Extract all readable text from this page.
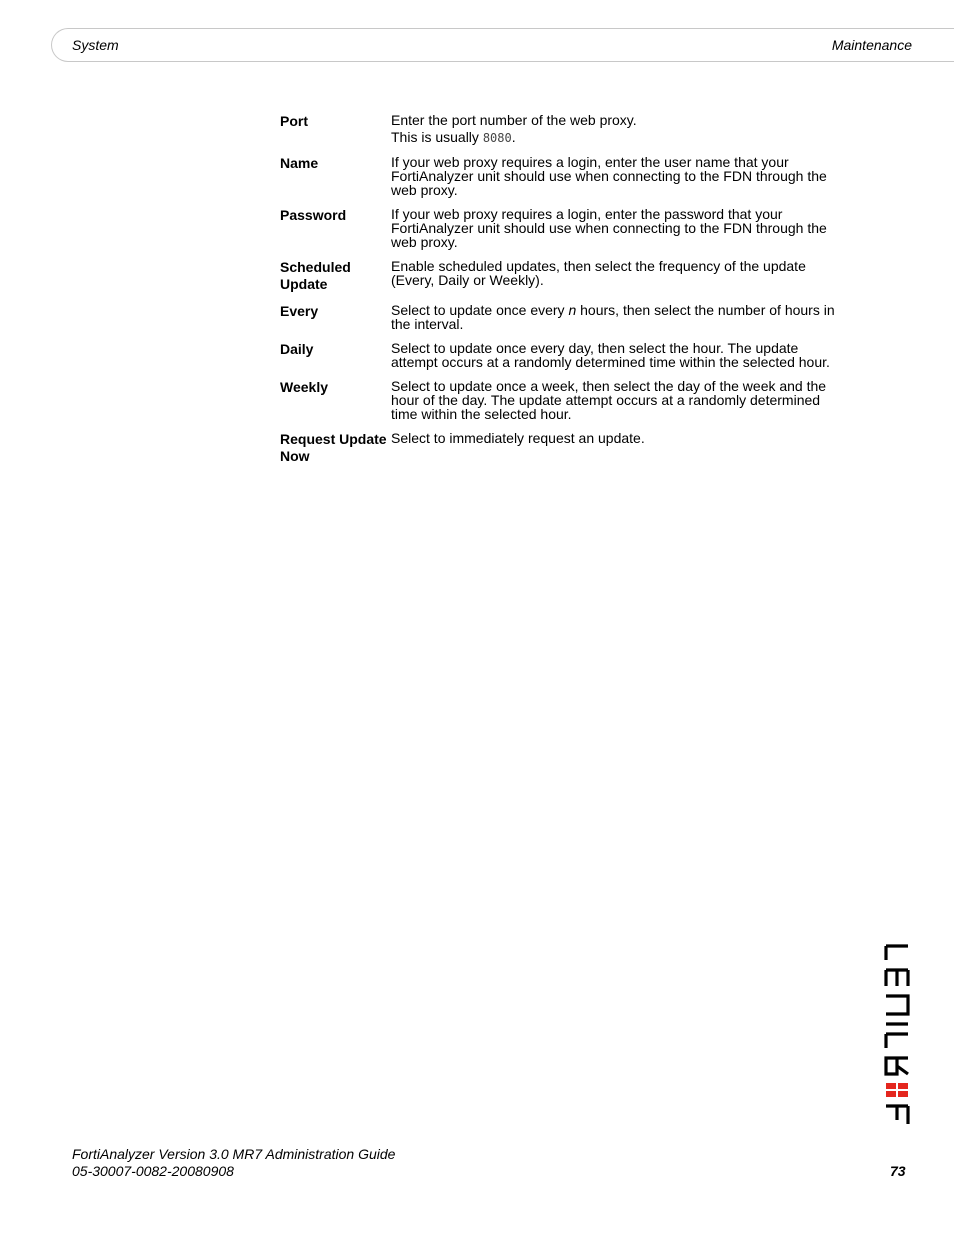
System	Maintenance
Port	Enter the port number of the web proxy.

This is usually 8080.

Name	If your web proxy requires a login, enter the user name that your FortiAnalyzer unit should use when connecting to the FDN through the web proxy.
Password	If your web proxy requires a login, enter the password that your FortiAnalyzer unit should use when connecting to the FDN through the web proxy.
Scheduled Update	Enable scheduled updates, then select the frequency of the update (Every, Daily or Weekly).
Every	Select to update once every n hours, then select the number of hours in the interval.
Daily	Select to update once every day, then select the hour. The update attempt occurs at a randomly determined time within the selected hour.
Weekly	Select to update once a week, then select the day of the week and the hour of the day. The update attempt occurs at a randomly determined time within the selected hour.
Request Update Now	Select to immediately request an update.
FortiAnalyzer Version 3.0 MR7 Administration Guide
05-30007-0082-20080908	73
